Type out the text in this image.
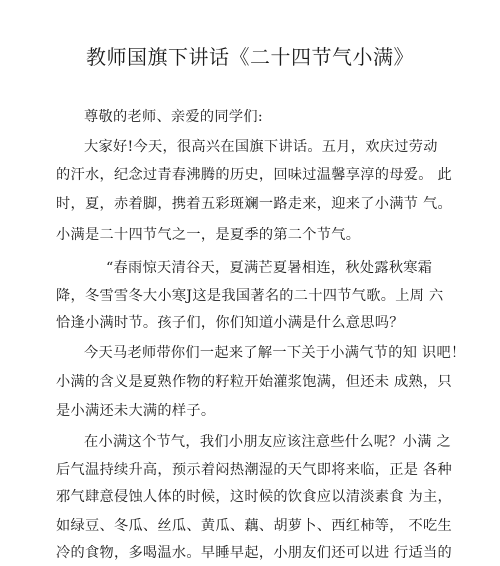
教师国旗下讲话《二十四节气小满》
尊敬的老师、亲爱的同学们:
大家好!今天，很高兴在国旗下讲话。五月，欢庆过劳动
的汗水，纪念过青春沸腾的历史，回味过温馨享淳的母爱。 此
时，夏，赤着脚，携着五彩斑斓一路走来，迎来了小满节 气。
小满是二十四节气之一，是夏季的第二个节气。
“春雨惊天清谷天，夏满芒夏暑相连，秋处露秋寒霜
降，冬雪雪冬大小寒J这是我国著名的二十四节气歌。上周 六
恰逢小满时节。孩子们，你们知道小满是什么意思吗？
今天马老师带你们一起来了解一下关于小满气节的知 识吧！
小满的含义是夏熟作物的籽粒开始灌浆饱满，但还未 成熟，只
是小满还未大满的样子。
在小满这个节气，我们小朋友应该注意些什么呢？小满 之
后气温持续升高，预示着闷热潮湿的天气即将来临，正是 各种
邪气肆意侵蚀人体的时候，这时候的饮食应以清淡素食 为主，
如绿豆、冬瓜、丝瓜、黄瓜、藕、胡萝卜、西红柿等， 不吃生
冷的食物，多喝温水。早睡早起，小朋友们还可以进 行适当的
